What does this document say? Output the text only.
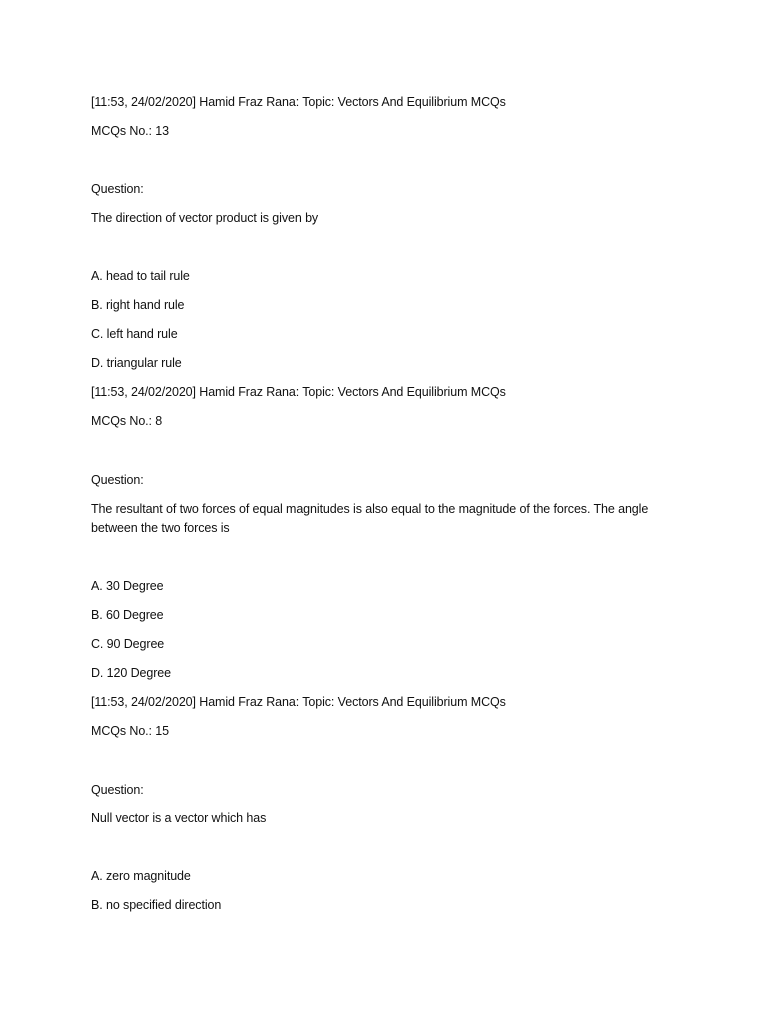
[11:53, 24/02/2020] Hamid Fraz Rana: Topic: Vectors And Equilibrium MCQs

MCQs No.: 13

Question:

The direction of vector product is given by

A. head to tail rule

B. right hand rule

C. left hand rule

D. triangular rule

[11:53, 24/02/2020] Hamid Fraz Rana: Topic: Vectors And Equilibrium MCQs

MCQs No.: 8

Question:

The resultant of two forces of equal magnitudes is also equal to the magnitude of the forces. The angle between the two forces is

A. 30 Degree

B. 60 Degree

C. 90 Degree

D. 120 Degree

[11:53, 24/02/2020] Hamid Fraz Rana: Topic: Vectors And Equilibrium MCQs

MCQs No.: 15

Question:

Null vector is a vector which has

A. zero magnitude

B. no specified direction
